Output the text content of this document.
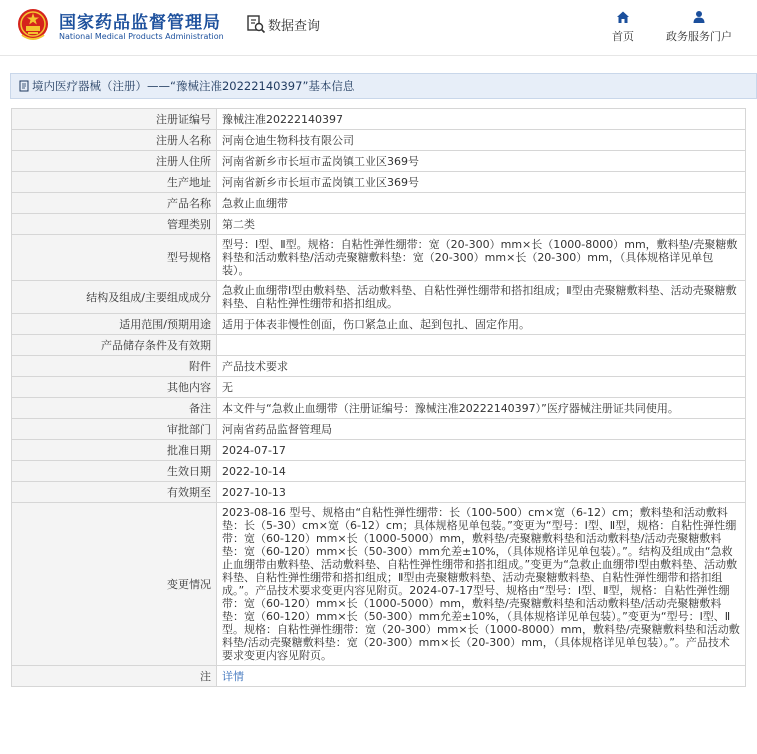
国家药品监督管理局
National Medical Products Administration
数据查询
首页	政务服务门户
境内医疗器械（注册）——“豫械注准20222140397”基本信息
注册证编号	豫械注准20222140397
注册人名称	河南仓迪生物科技有限公司
注册人住所	河南省新乡市长垣市孟岗镇工业区369号
生产地址	河南省新乡市长垣市孟岗镇工业区369号
产品名称	急救止血绷带
管理类别	第二类
型号规格	型号：Ⅰ型、Ⅱ型。规格：自粘性弹性绷带：宽（20-300）mm×长（1000-8000）mm，敷料垫/壳聚糖敷料垫和活动敷料垫/活动壳聚糖敷料垫：宽（20-300）mm×长（20-300）mm，（具体规格详见单包装）。
结构及组成/主要组成成分	急救止血绷带Ⅰ型由敷料垫、活动敷料垫、自粘性弹性绷带和搭扣组成；Ⅱ型由壳聚糖敷料垫、活动壳聚糖敷料垫、自粘性弹性绷带和搭扣组成。
适用范围/预期用途	适用于体表非慢性创面，伤口紧急止血、起到包扎、固定作用。
产品储存条件及有效期	
附件	产品技术要求
其他内容	无
备注	本文件与“急救止血绷带（注册证编号：豫械注准20222140397）”医疗器械注册证共同使用。
审批部门	河南省药品监督管理局
批准日期	2024-07-17
生效日期	2022-10-14
有效期至	2027-10-13
变更情况	2023-08-16 型号、规格由“自粘性弹性绷带：长（100-500）cm×宽（6-12）cm；敷料垫和活动敷料垫：长（5-30）cm×宽（6-12）cm；具体规格见单包装。”变更为“型号：Ⅰ型、Ⅱ型，规格：自粘性弹性绷带：宽（60-120）mm×长（1000-5000）mm，敷料垫/壳聚糖敷料垫和活动敷料垫/活动壳聚糖敷料垫：宽（60-120）mm×长（50-300）mm允差±10%，（具体规格详见单包装）。”。结构及组成由“急救止血绷带由敷料垫、活动敷料垫、自粘性弹性绷带和搭扣组成。”变更为“急救止血绷带Ⅰ型由敷料垫、活动敷料垫、自粘性弹性绷带和搭扣组成；Ⅱ型由壳聚糖敷料垫、活动壳聚糖敷料垫、自粘性弹性绷带和搭扣组成。”。产品技术要求变更内容见附页。2024-07-17型号、规格由“型号：Ⅰ型、Ⅱ型，规格：自粘性弹性绷带：宽（60-120）mm×长（1000-5000）mm，敷料垫/壳聚糖敷料垫和活动敷料垫/活动壳聚糖敷料垫：宽（60-120）mm×长（50-300）mm允差±10%，（具体规格详见单包装）。”变更为“型号：Ⅰ型、Ⅱ型。规格：自粘性弹性绷带：宽（20-300）mm×长（1000-8000）mm，敷料垫/壳聚糖敷料垫和活动敷料垫/活动壳聚糖敷料垫：宽（20-300）mm×长（20-300）mm，（具体规格详见单包装）。”。产品技术要求变更内容见附页。
注	详情
